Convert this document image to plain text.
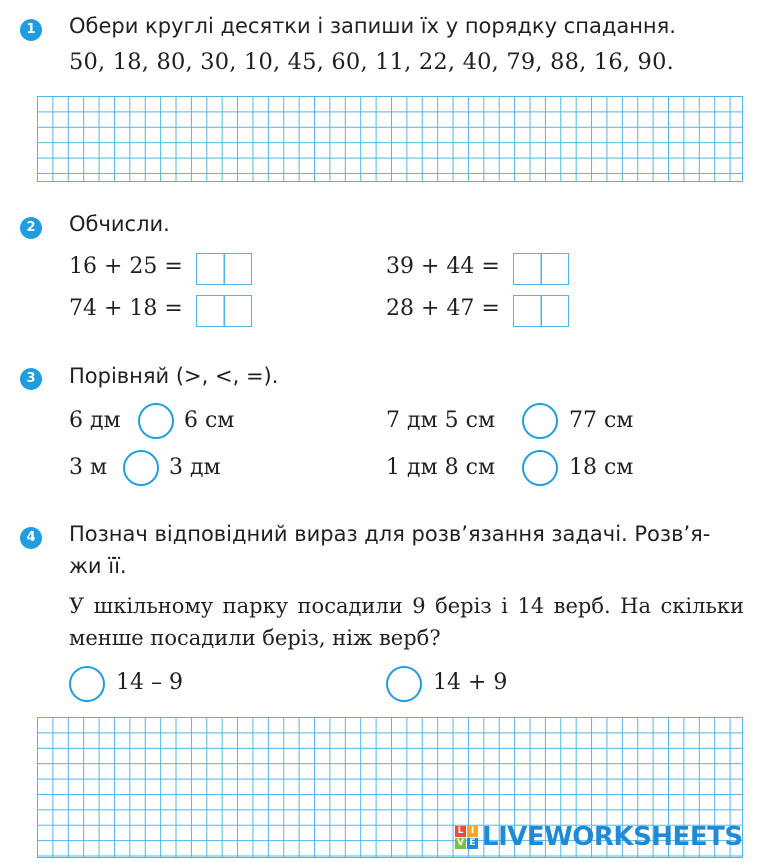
1	Обери круглі десятки і запиши їх у порядку спадання.
50, 18, 80, 30, 10, 45, 60, 11, 22, 40, 79, 88, 16, 90.
2	Обчисли.
16 + 25 =	39 + 44 =
74 + 18 =	28 + 47 =
3	Порівняй (>, <, =).
6 дм	6 см	7 дм 5 см	77 см
3 м	3 дм	1 дм 8 см	18 см
4	Познач відповідний вираз для розв’язання задачі. Розв’я-
жи її.
У шкільному парку посадили 9 беріз і 14 верб. На скільки менше посадили беріз, ніж верб?
14 – 9	14 + 9
L I
V E LIVEWORKSHEETS
